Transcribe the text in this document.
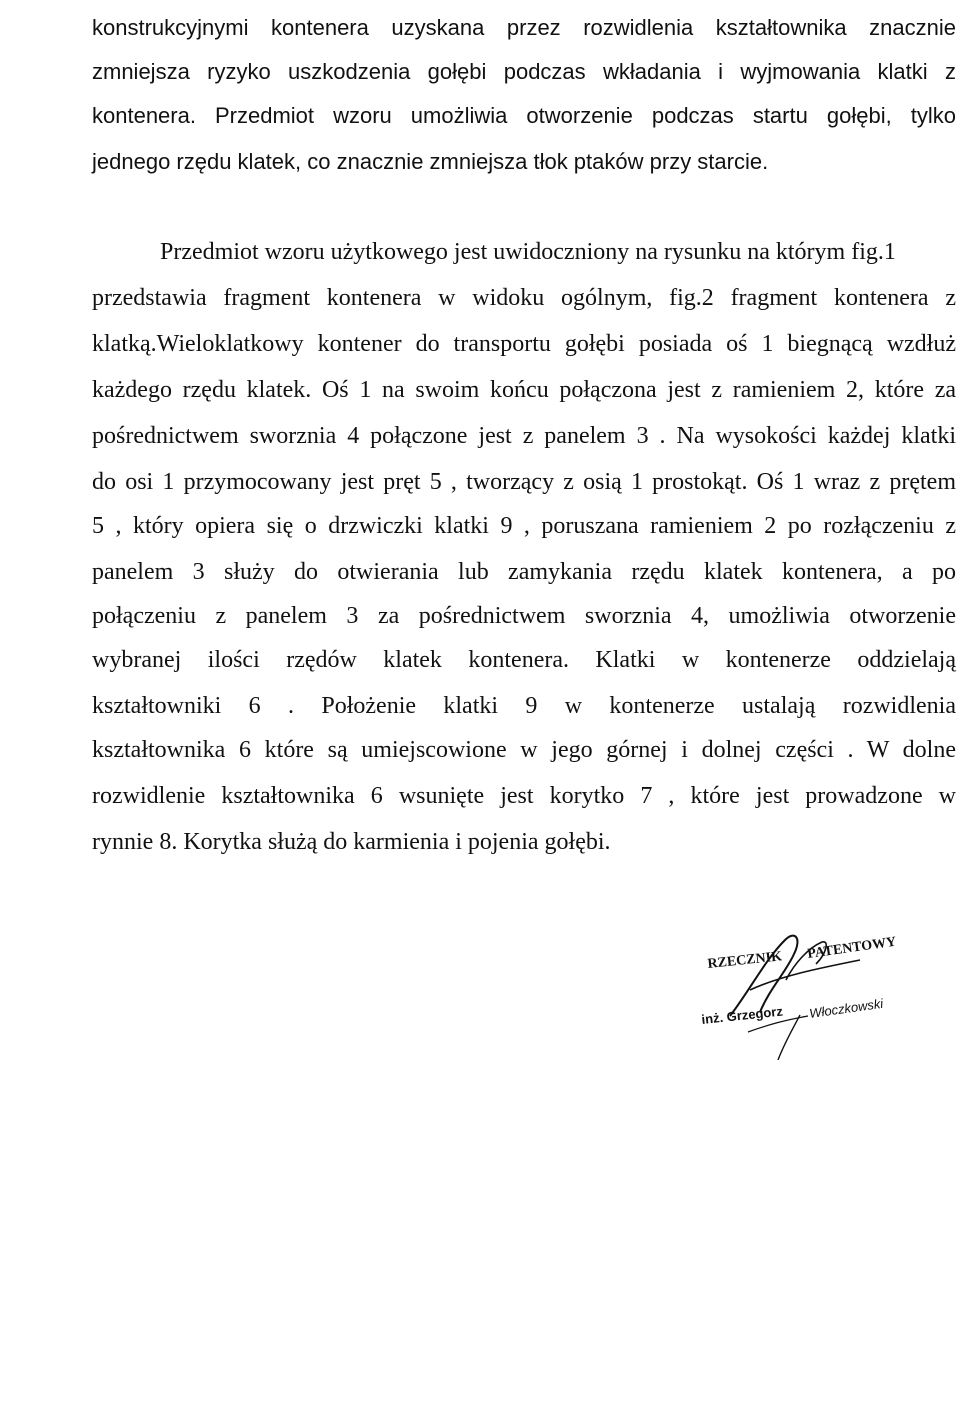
konstrukcyjnymi kontenera uzyskana przez rozwidlenia kształtownika znacznie
zmniejsza ryzyko uszkodzenia gołębi podczas wkładania i wyjmowania klatki z
kontenera. Przedmiot wzoru umożliwia otworzenie podczas startu gołębi, tylko
jednego rzędu klatek, co znacznie zmniejsza tłok ptaków przy starcie.
Przedmiot wzoru użytkowego jest uwidoczniony na rysunku na którym fig.1
przedstawia fragment kontenera w widoku ogólnym, fig.2 fragment kontenera z
klatką.Wieloklatkowy kontener do transportu gołębi posiada oś 1 biegnącą wzdłuż
każdego rzędu klatek. Oś 1 na swoim końcu połączona jest z ramieniem 2, które za
pośrednictwem sworznia 4 połączone jest z panelem 3 . Na wysokości każdej klatki
do osi 1 przymocowany jest pręt 5 , tworzący z osią 1 prostokąt. Oś 1 wraz z prętem
5 , który opiera się o drzwiczki klatki 9 , poruszana ramieniem 2 po rozłączeniu z
panelem 3 służy do otwierania lub zamykania rzędu klatek kontenera, a po
połączeniu z panelem 3 za pośrednictwem sworznia 4, umożliwia otworzenie
wybranej ilości rzędów klatek kontenera. Klatki w kontenerze oddzielają
kształtowniki 6 . Położenie klatki 9 w kontenerze ustalają rozwidlenia
kształtownika 6 które są umiejscowione w jego górnej i dolnej części . W dolne
rozwidlenie kształtownika 6 wsunięte jest korytko 7 , które jest prowadzone w
rynnie 8. Korytka służą do karmienia i pojenia gołębi.
RZECZNIK PATENTOWY
inż. Grzegorz Włoczkowski
